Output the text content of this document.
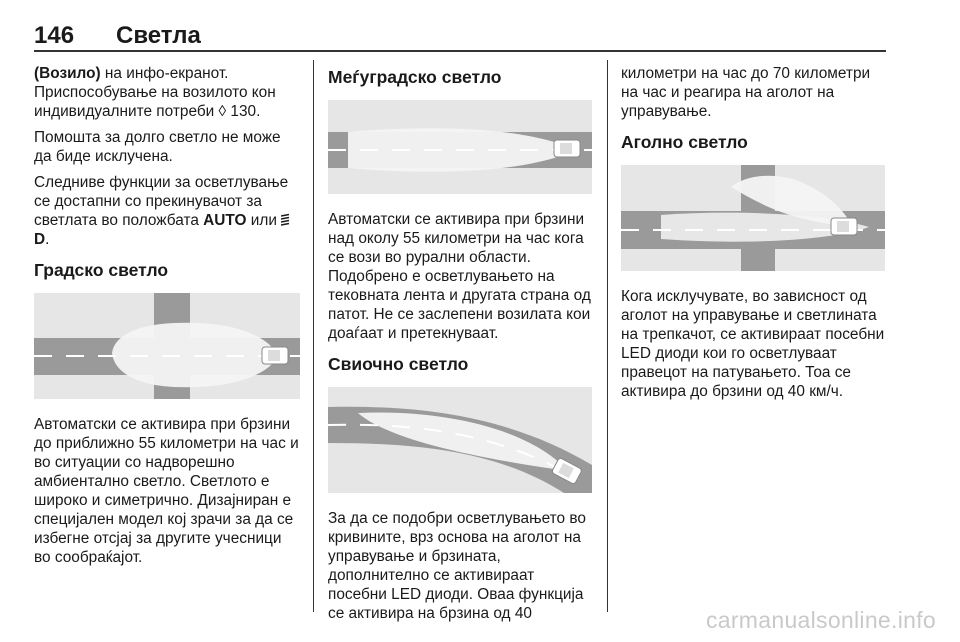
146 Светла

(Возило) на инфо-екранот. Приспособување на возилото кон индивидуалните потреби ◊ 130.

Помошта за долго светло не може да биде исклучена.

Следниве функции за осветлување се достапни со прекинувачот за светлата во положбата AUTO или D.

Градско светло

Автоматски се активира при брзини до приближно 55 километри на час и во ситуации со надворешно амбиентално светло. Светлото е широко и симетрично. Дизајниран е специјален модел кој зрачи за да се избегне отсјај за другите учесници во сообраќајот.

Меѓуградско светло

Автоматски се активира при брзини над околу 55 километри на час кога се вози во рурални области. Подобрено е осветлувањето на тековната лента и другата страна од патот. Не се заслепени возилата кои доаѓаат и претекнуваат.

Свиочно светло

За да се подобри осветлувањето во кривините, врз основа на аголот на управување и брзината, дополнително се активираат посебни LED диоди. Оваа функција се активира на брзина од 40

километри на час до 70 километри на час и реагира на аголот на управување.

Аголно светло

Кога исклучувате, во зависност од аголот на управување и светлината на трепкачот, се активираат посебни LED диоди кои го осветлуваат правецот на патувањето. Тоа се активира до брзини од 40 км/ч.

carmanualsonline.info
